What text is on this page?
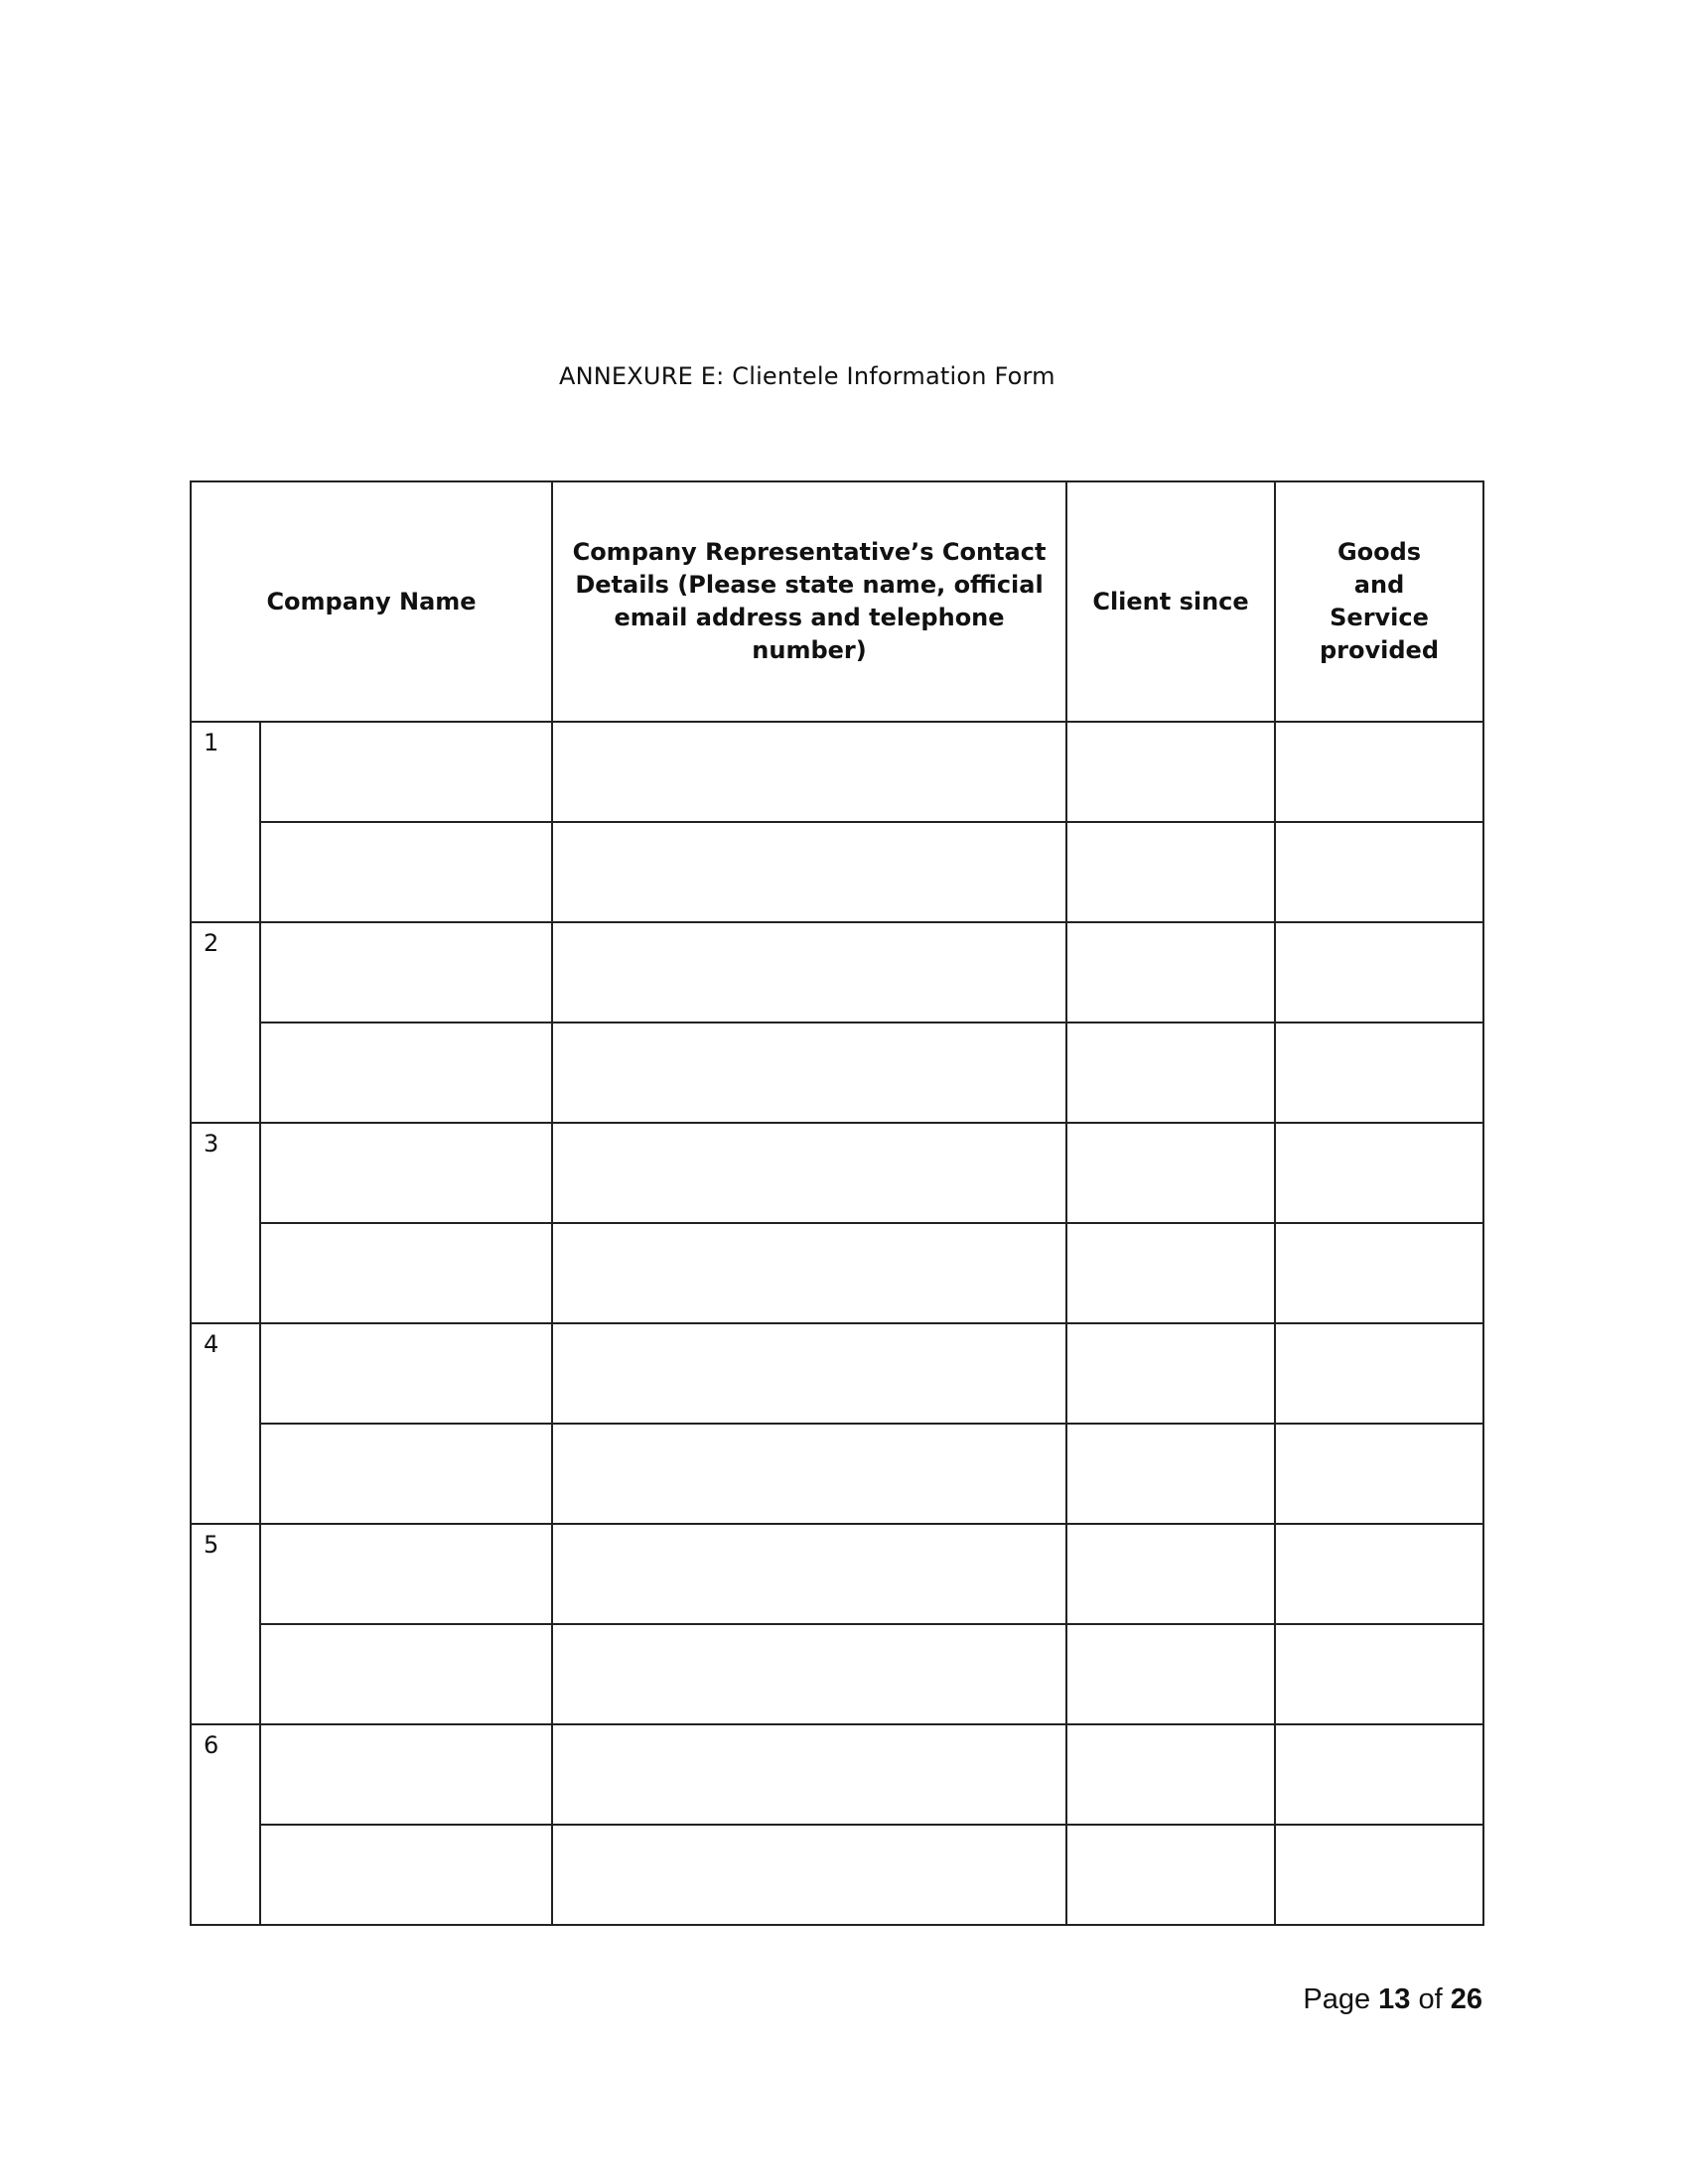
ANNEXURE E: Clientele Information Form
Company Name		Company Representative’s Contact Details (Please state name, official email address and telephone number)	Client since	Goods and Service provided
1				

2				

3				

4				

5				

6				

Page 13 of 26
